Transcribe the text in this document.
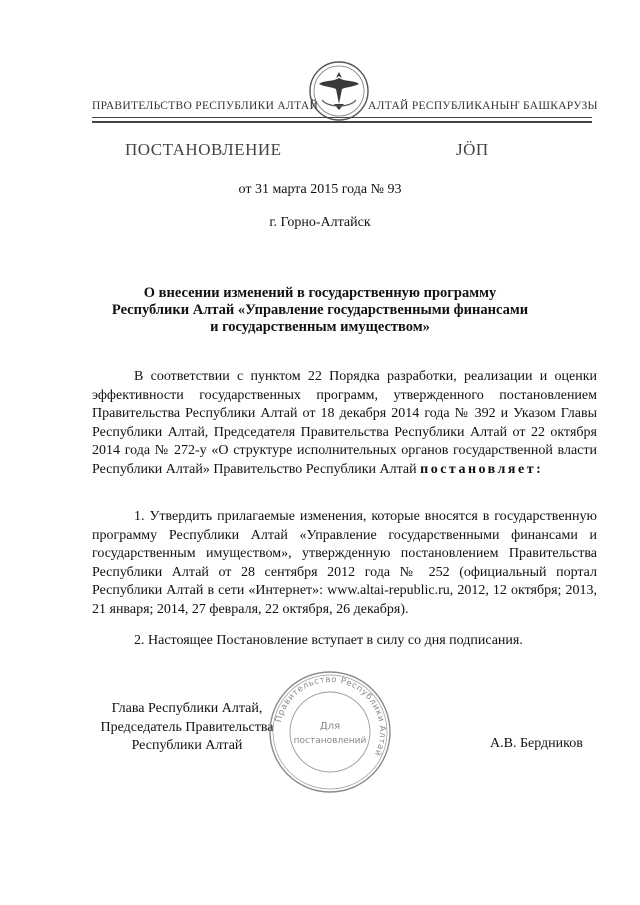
ПРАВИТЕЛЬСТВО РЕСПУБЛИКИ АЛТАЙ	АЛТАЙ РЕСПУБЛИКАНЫҤ БАШКАРУЗЫ
ПОСТАНОВЛЕНИЕ	JÖП
от 31 марта 2015 года № 93
г. Горно-Алтайск
О внесении изменений в государственную программу Республики Алтай «Управление государственными финансами и государственным имуществом»
В соответствии с пунктом 22 Порядка разработки, реализации и оценки эффективности государственных программ, утвержденного постановлением Правительства Республики Алтай от 18 декабря 2014 года № 392 и Указом Главы Республики Алтай, Председателя Правительства Республики Алтай от 22 октября 2014 года № 272-у «О структуре исполнительных органов государственной власти Республики Алтай» Правительство Республики Алтай постановляет:
1. Утвердить прилагаемые изменения, которые вносятся в государственную программу Республики Алтай «Управление государственными финансами и государственным имуществом», утвержденную постановлением Правительства Республики Алтай от 28 сентября 2012 года № 252 (официальный портал Республики Алтай в сети «Интернет»: www.altai-republic.ru, 2012, 12 октября; 2013, 21 января; 2014, 27 февраля, 22 октября, 26 декабря).
2. Настоящее Постановление вступает в силу со дня подписания.
Глава Республики Алтай,
Председатель Правительства
Республики Алтай	А.В. Бердников
Правительство Республики Алтай
Для
постановлений
